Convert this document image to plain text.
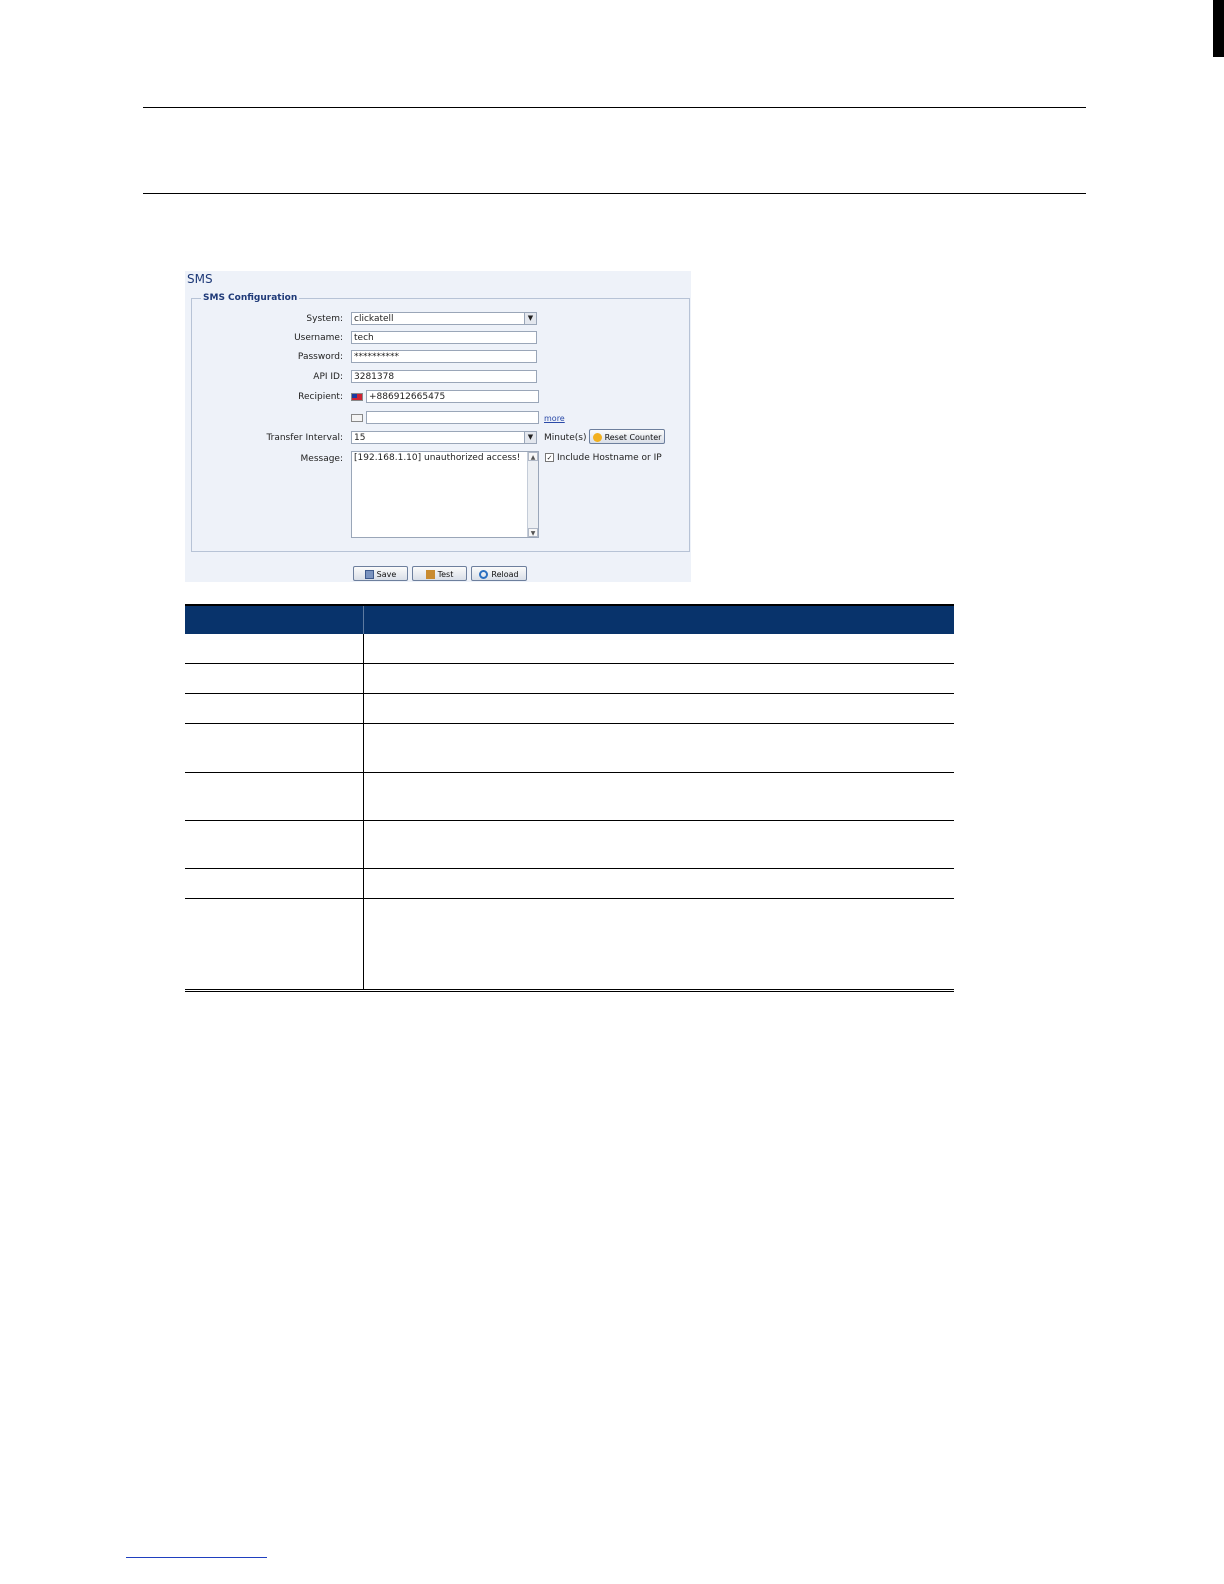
SMS
SMS Configuration
System:	clickatell	▼
Username:	tech
Password:	**********
API ID:	3281378
Recipient:	+886912665475
more
Transfer Interval:	15	▼	Minute(s)	Reset Counter
Message:	[192.168.1.10] unauthorized access!	▲
▼
✓ Include Hostname or IP
Save	Test	Reload
